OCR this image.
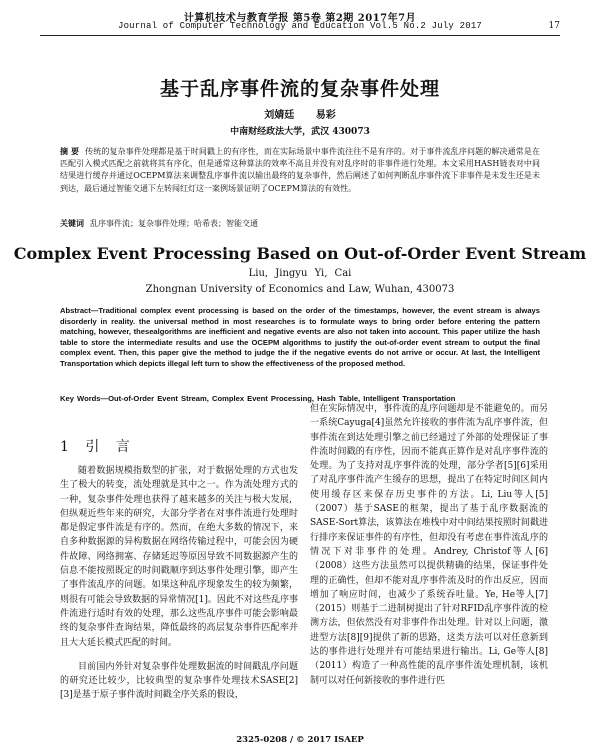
计算机技术与教育学报 第5卷 第2期 2017年7月
Journal of Computer Technology and Education Vol.5 No.2 July 2017	17
基于乱序事件流的复杂事件处理
刘婧廷 易彩
中南财经政法大学，武汉 430073
摘 要 传统的复杂事件处理都是基于时间戳上的有序性，而在实际场景中事件流往往不是有序的。对于事件流乱序问题的解决通常是在匹配引入模式匹配之前就将其有序化，但是通常这种算法的效率不高且并没有对乱序时的非事件进行处理。本文采用HASH链表对中间结果进行缓存并通过OCEPM算法来调整乱序事件流以输出最终的复杂事件，然后阐述了如何判断乱序事件流下非事件是未发生还是未到达，最后通过智能交通下左转闯红灯这一案例场景证明了OCEPM算法的有效性。
关键词 乱序事件流；复杂事件处理；哈希表；智能交通
Complex Event Processing Based on Out-of-Order Event Stream
Liu, Jingyu Yi, Cai
Zhongnan University of Economics and Law, Wuhan, 430073
Abstract—Traditional complex event processing is based on the order of the timestamps, however, the event stream is always disorderly in reality. the universal method in most researches is to formulate ways to bring order before entering the pattern matching, however, thesealgorithms are inefficient and negative events are also not taken into account. This paper utilize the hash table to store the intermediate results and use the OCEPM algorithms to justify the out-of-order event stream to output the final complex event. Then, this paper give the method to judge the if the negative events do not arrive or occur. At last, the Intelligent Transportation which depicts illegal left turn to show the effectiveness of the proposed method.
Key Words—Out-of-Order Event Stream, Complex Event Processing, Hash Table, Intelligent Transportation
1 引 言

随着数据规模指数型的扩张，对于数据处理的方式也发生了极大的转变，流处理就是其中之一。作为流处理方式的一种，复杂事件处理也获得了越来越多的关注与极大发展，但纵观近些年来的研究，大部分学者在对事件流进行处理时都是假定事件流是有序的。然而，在绝大多数的情况下，来自多种数据源的异构数据在网络传输过程中，可能会因为硬件故障、网络拥塞、存储延迟等原因导致不同数据源产生的信息不能按照既定的时间戳顺序到达事件处理引擎，即产生了事件流乱序的问题。如果这种乱序现象发生的较为频繁，则很有可能会导致数据的异常情况[1]。因此不对这些乱序事件流进行适时有效的处理，那么这些乱序事件可能会影响最终的复杂事件查询结果，降低最终的高层复杂事件匹配率并且大大延长模式匹配的时间。

目前国内外针对复杂事件处理数据流的时间戳乱序问题的研究还比较少，比较典型的复杂事件处理技术SASE[2][3]是基于原子事件流时间戳全序关系的假设，

但在实际情况中，事件流的乱序问题却是不能避免的。而另一系统Cayuga[4]虽然允许接收的事件流为乱序事件流，但事件流在到达处理引擎之前已经通过了外部的处理保证了事件流时间戳的有序性，因而不能真正算作是对乱序事件流的处理。为了支持对乱序事件流的处理，部分学者[5][6]采用了对乱序事件流产生缓存的思想，提出了在特定时间区间内使用缓存区来保存历史事件的方法。Li, Liu等人[5]（2007）基于SASE的框架，提出了基于乱序数据流的SASE-Sort算法，该算法在堆栈中对中间结果按照时间戳进行排序来保证事件的有序性，但却没有考虑在事件流乱序的情况下对非事件的处理。Andrey, Christof等人[6]（2008）这些方法虽然可以提供精确的结果，保证事件处理的正确性，但却不能对乱序事件流及时的作出反应，因而增加了响应时间，也减少了系统吞吐量。Ye, He等人[7]（2015）则基于二进制树提出了针对RFID乱序事件流的检测方法，但依然没有对非事件作出处理。针对以上问题，激进型方法[8][9]提供了新的思路，这类方法可以对任意新到达的事件进行处理并有可能结果进行输出。Li, Ge等人[8]（2011）构造了一种高性能的乱序事件流处理机制，该机制可以对任何新接收的事件进行匹

2325-0208 / © 2017 ISAEP
